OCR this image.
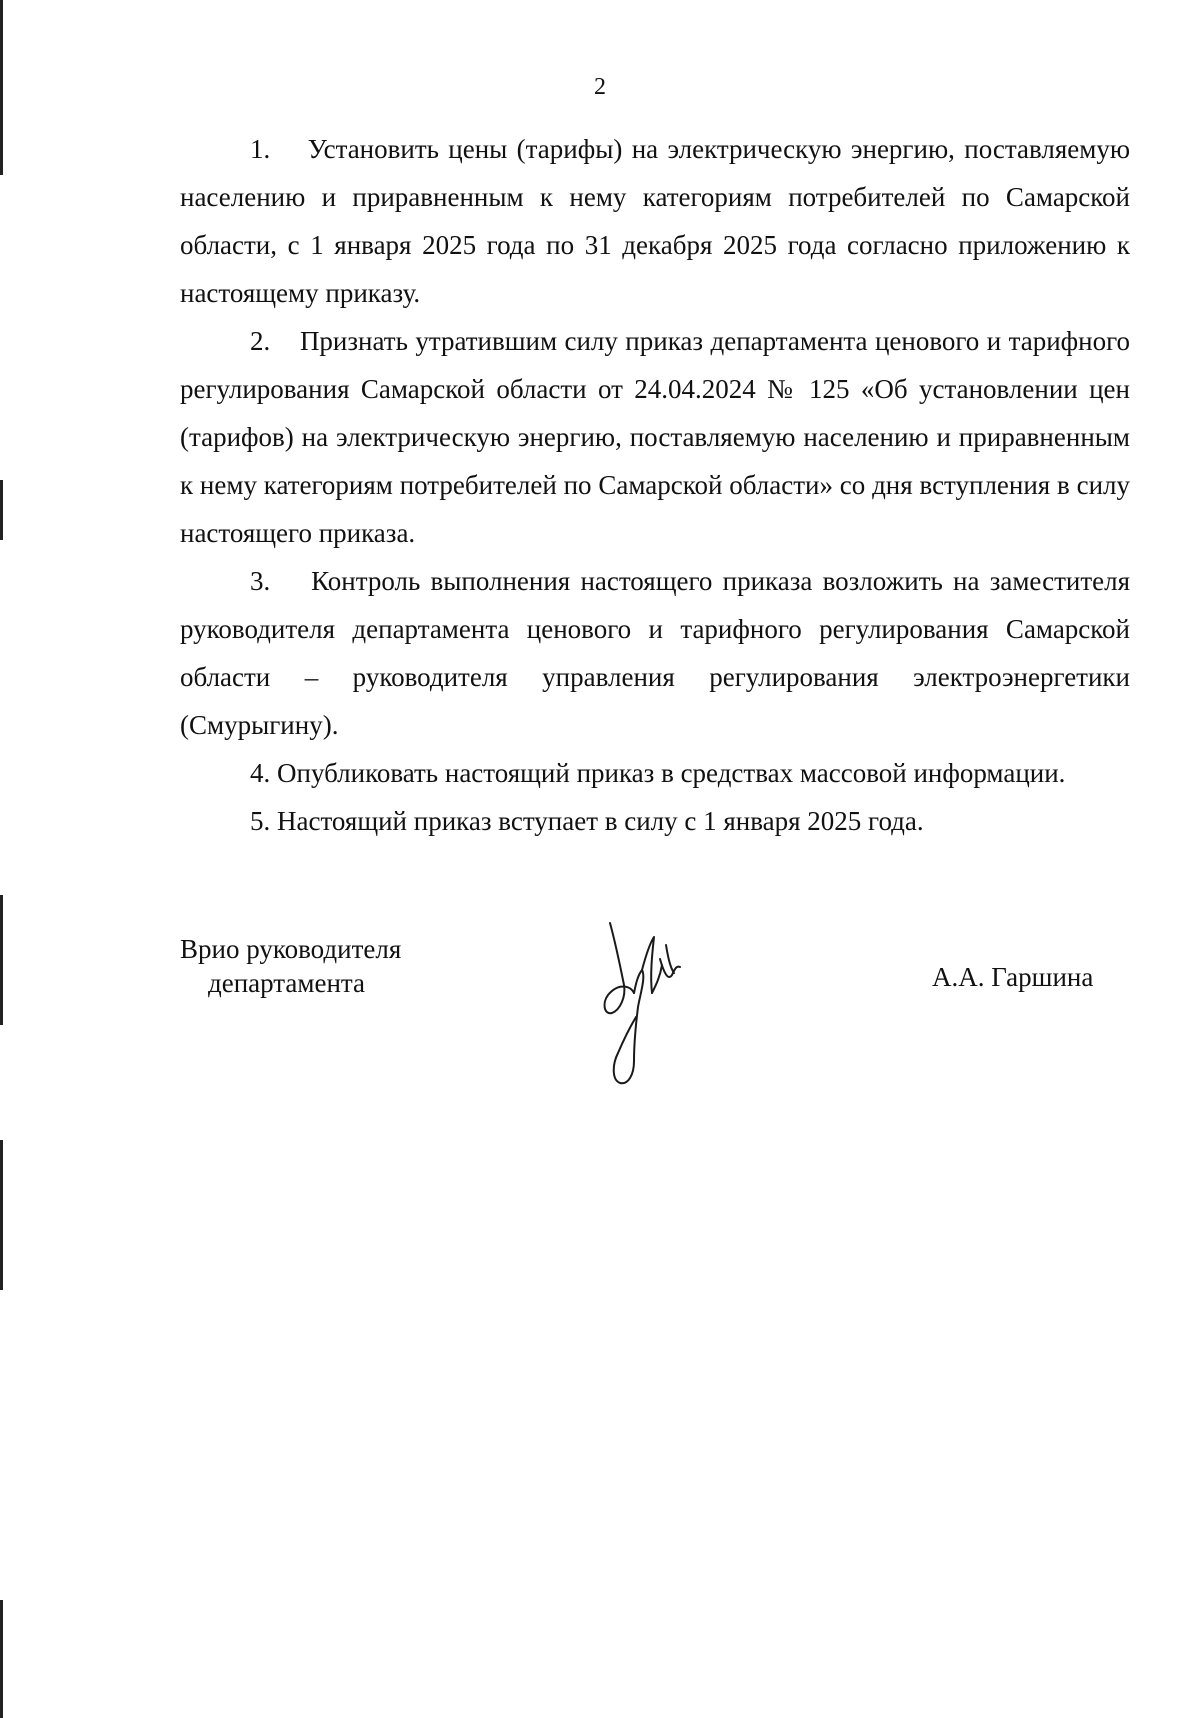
2

1.    Установить цены (тарифы) на электрическую энергию, поставляемую населению и приравненным к нему категориям потребителей по Самарской области, с 1 января 2025 года по 31 декабря 2025 года согласно приложению к настоящему приказу.

2.    Признать утратившим силу приказ департамента ценового и тарифного регулирования Самарской области от 24.04.2024 № 125 «Об установлении цен (тарифов) на электрическую энергию, поставляемую населению и приравненным к нему категориям потребителей по Самарской области» со дня вступления в силу настоящего приказа.

3.    Контроль выполнения настоящего приказа возложить на заместителя руководителя департамента ценового и тарифного регулирования Самарской области – руководителя управления регулирования электроэнергетики (Смурыгину).

4. Опубликовать настоящий приказ в средствах массовой информации.

5. Настоящий приказ вступает в силу с 1 января 2025 года.

Врио руководителя
департамента	А.А. Гаршина
